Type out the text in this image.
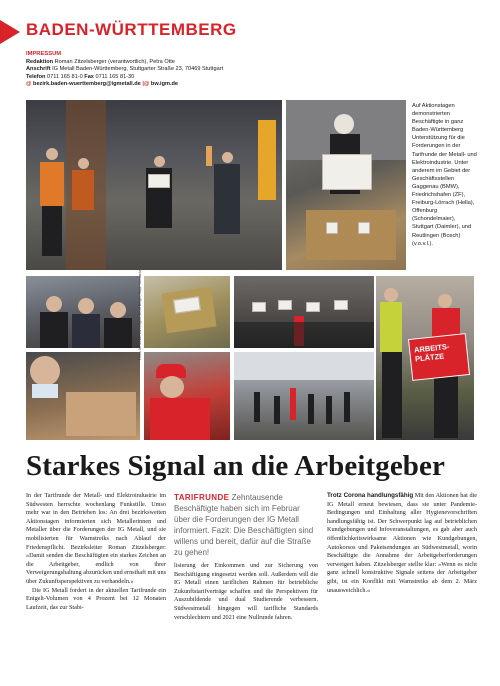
BADEN-WÜRTTEMBERG
IMPRESSUM
Redaktion Roman Zitzelsberger (verantwortlich), Petra Otte
Anschrift IG Metall Baden-Württemberg, Stuttgarter Straße 23, 70469 Stuttgart
Telefon 0711 165 81-0 Fax 0711 165 81-30
@ bezirk.baden-wuerttemberg@igmetall.de |@ bw.igm.de
Auf Aktionstagen demonstrierten Beschäftigte in ganz Baden-Württemberg Unterstützung für die Forderungen in der Tarifrunde der Metall- und Elektroindustrie. Unter anderem im Gebiet der Geschäftsstellen Gaggenau (BMW), Friedrichshafen (ZF), Freiburg-Lörrach (Hella), Offenburg (Schondelmaier), Stuttgart (Daimler), und Reutlingen (Bosch) (v.o.v.l.).
ARBEITS-PLÄTZE
Fotos: IG Metall, Lars Kilgus, Jorim Burger, Ralph Schwantz
Starkes Signal an die Arbeitgeber

In der Tarifrunde der Metall- und Elektroindustrie im Südwesten herrschte wochenlang Funkstille. Umso mehr war in den Betrieben los: An drei bezirksweiten Aktionstagen informierten sich Metallerinnen und Metaller über die Forderungen der IG Metall, und sie mobilisierten für Warnstreiks nach Ablauf der Friedenspflicht. Bezirksleiter Roman Zitzelsberger: »Damit senden die Beschäftigten ein starkes Zeichen an die Arbeitgeber, endlich von ihrer Verweigerungshaltung abzurücken und ernsthaft mit uns über Zukunftsperspektiven zu verhandeln.«

Die IG Metall fordert in der aktuellen Tarifrunde ein Entgelt-Volumen von 4 Prozent bei 12 Monaten Laufzeit, das zur Stabi-

TARIFRUNDE Zehntausende Beschäftigte haben sich im Februar über die Forderungen der IG Metall informiert. Fazit: Die Beschäftigten sind willens und bereit, dafür auf die Straße zu gehen!

lisierung der Einkommen und zur Sicherung von Beschäftigung eingesetzt werden soll. Außerdem will die IG Metall einen tariflichen Rahmen für betriebliche Zukunftstarifverträge schaffen und die Perspektiven für Auszubildende und dual Studierende verbessern. Südwestmetall hingegen will tarifliche Standards verschlechtern und 2021 eine Nullrunde fahren.

Trotz Corona handlungsfähig Mit den Aktionen hat die IG Metall erneut bewiesen, dass sie unter Pandemie-Bedingungen und Einhaltung aller Hygienevorschriften handlungsfähig ist. Der Schwerpunkt lag auf betrieblichen Kundgebungen und Infoveranstaltungen, es gab aber auch öffentlichkeitswirksame Aktionen wie Kundgebungen, Autokorsos und Paketsendungen an Südwestmetall, worin Beschäftigte die Annahme der Arbeitgeberforderungen verweigert haben. Zitzelsberger stellte klar: »Wenn es nicht ganz schnell konstruktive Signale seitens der Arbeitgeber gibt, ist ein Konflikt mit Warnstreiks ab dem 2. März unausweichlich.«
